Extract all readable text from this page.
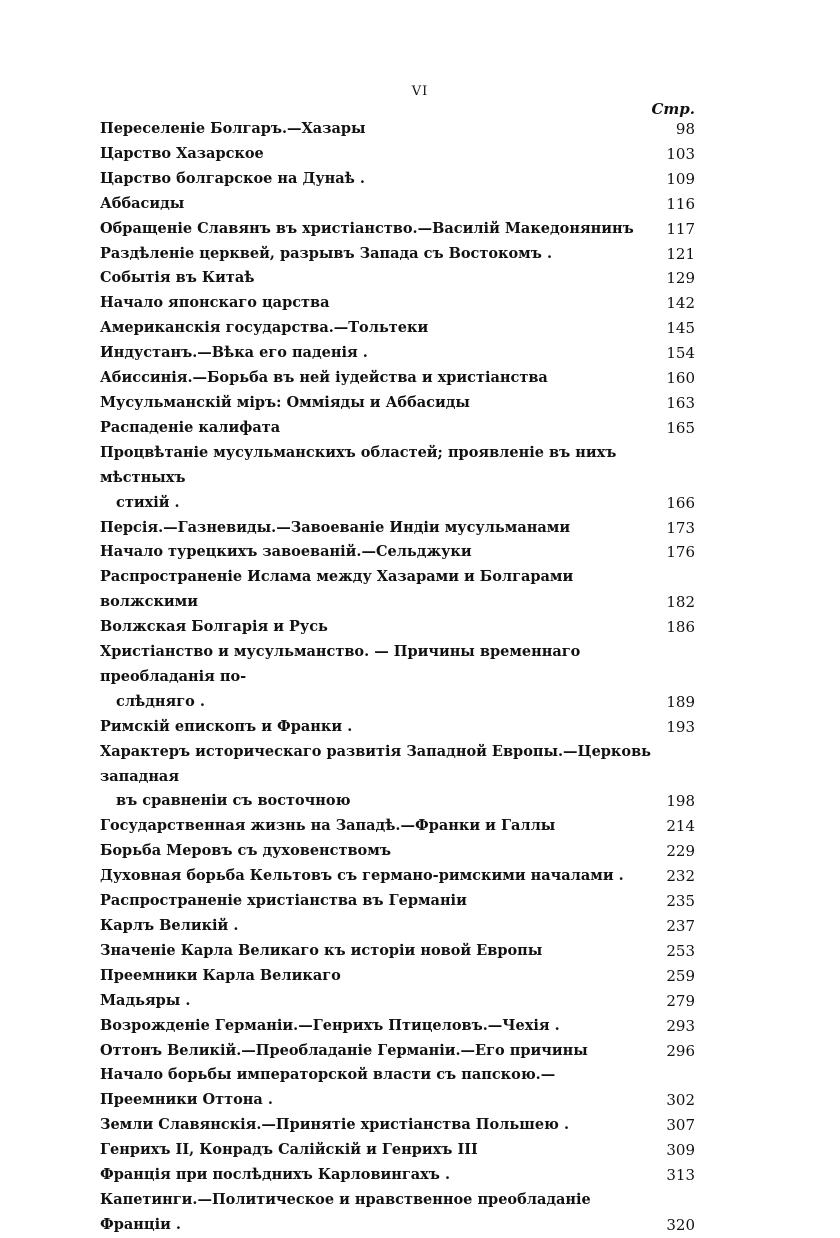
VI
Стр.
Переселеніе Болгаръ.—Хазары	98
Царство Хазарское	103
Царство болгарское на Дунаѣ .	109
Аббасиды	116
Обращеніе Славянъ въ христіанство.—Василій Македонянинъ	117
Раздѣленіе церквей, разрывъ Запада съ Востокомъ .	121
Событія въ Китаѣ	129
Начало японскаго царства	142
Американскія государства.—Тольтеки	145
Индустанъ.—Вѣка его паденія .	154
Абиссинія.—Борьба въ ней іудейства и христіанства	160
Мусульманскій міръ: Оммiяды и Аббасиды	163
Распаденіе калифата	165
Процвѣтаніе мусульманскихъ областей; проявленіе въ нихъ мѣстныхъ
стихій .	166
Персія.—Газневиды.—Завоеваніе Индіи мусульманами	173
Начало турецкихъ завоеваній.—Сельджуки	176
Распространеніе Ислама между Хазарами и Болгарами волжскими	182
Волжская Болгарія и Русь	186
Христіанство и мусульманство. — Причины временнаго преобладанія по-
слѣдняго .	189
Римскій епископъ и Франки .	193
Характеръ историческаго развитія Западной Европы.—Церковь западная
въ сравненіи съ восточною	198
Государственная жизнь на Западѣ.—Франки и Галлы	214
Борьба Меровъ съ духовенствомъ	229
Духовная борьба Кельтовъ съ германо-римскими началами .	232
Распространеніе христіанства въ Германіи	235
Карлъ Великій .	237
Значеніе Карла Великаго къ исторіи новой Европы	253
Преемники Карла Великаго	259
Мадьяры .	279
Возрожденіе Германіи.—Генрихъ Птицеловъ.—Чехія .	293
Оттонъ Великій.—Преобладаніе Германіи.—Его причины	296
Начало борьбы императорской власти съ папскою.—Преемники Оттона .	302
Земли Славянскія.—Принятіе христіанства Польшею .	307
Генрихъ II, Конрадъ Салійскій и Генрихъ III	309
Франція при послѣднихъ Карловингахъ .	313
Капетинги.—Политическое и нравственное преобладаніе Франціи .	320
